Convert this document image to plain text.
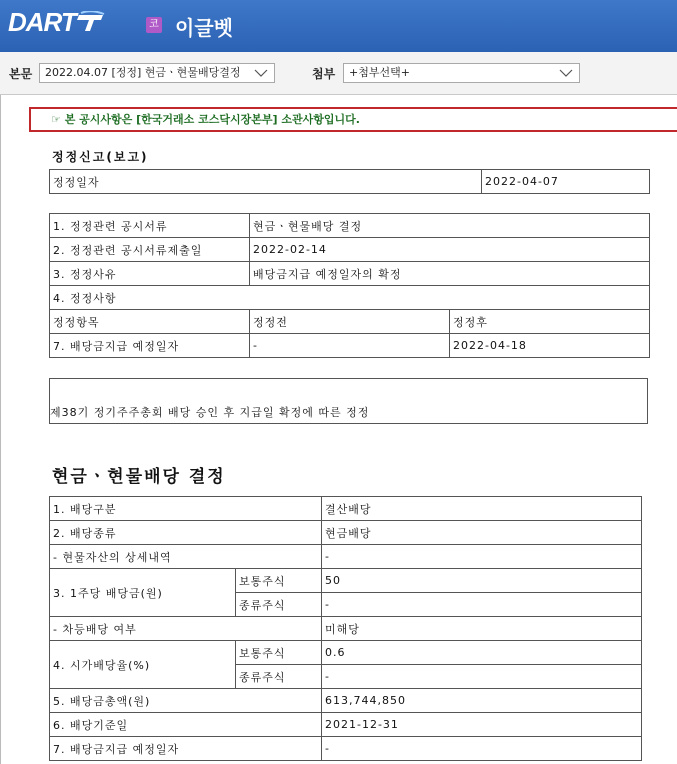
DART	코 이글벳
본문	2022.04.07 [정정] 현금ㆍ현물배당결정	첨부	+첨부선택+
☞ 본 공시사항은 [한국거래소 코스닥시장본부] 소관사항입니다.
정정신고(보고)
정정일자	2022-04-07
1. 정정관련 공시서류	현금ㆍ현물배당 결정	
2. 정정관련 공시서류제출일	2022-02-14	
3. 정정사유	배당금지급 예정일자의 확정	
4. 정정사항		
정정항목	정정전	정정후
7. 배당금지급 예정일자	-	2022-04-18
제38기 정기주주총회 배당 승인 후 지급일 확정에 따른 정정
현금ㆍ현물배당 결정
1. 배당구분		결산배당
2. 배당종류		현금배당
- 현물자산의 상세내역		-
3. 1주당 배당금(원)	보통주식	50
	종류주식	-
- 차등배당 여부		미해당
4. 시가배당율(%)	보통주식	0.6
	종류주식	-
5. 배당금총액(원)		613,744,850
6. 배당기준일		2021-12-31
7. 배당금지급 예정일자		-
